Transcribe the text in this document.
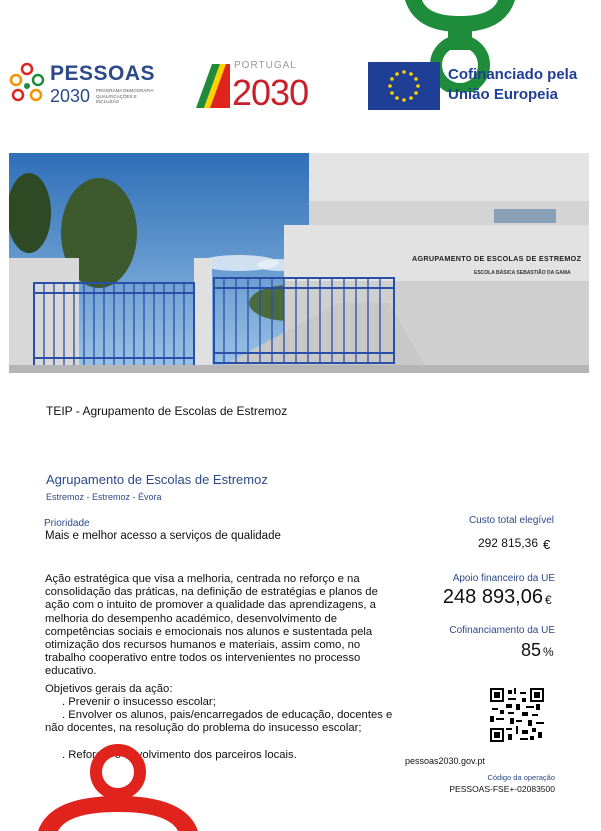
PESSOAS
2030 PROGRAMA DEMOGRAFIA QUALIFICAÇÕES E INCLUSÃO
PORTUGAL
2030	Cofinanciado pela
União Europeia
AGRUPAMENTO DE ESCOLAS DE ESTREMOZ
ESCOLA BÁSICA SEBASTIÃO DA GAMA
TEIP - Agrupamento de Escolas de Estremoz
Agrupamento de Escolas de Estremoz
Estremoz - Estremoz - Évora
Prioridade
Mais e melhor acesso a serviços de qualidade
Ação estratégica que visa a melhoria, centrada no reforço e na consolidação das práticas, na definição de estratégias e planos de ação com o intuito de promover a qualidade das aprendizagens, a melhoria do desempenho académico, desenvolvimento de competências sociais e emocionais nos alunos e sustentada pela otimização dos recursos humanos e materiais, assim como, no trabalho cooperativo entre todos os intervenientes no processo educativo.
Objetivos gerais da ação:
. Prevenir o insucesso escolar;
. Envolver os alunos, pais/encarregados de educação, docentes e não docentes, na resolução do problema do insucesso escolar;
. Reforçar o envolvimento dos parceiros locais.
Custo total elegível
292 815,36 €
Apoio financeiro da UE
248 893,06 €
Cofinanciamento da UE
85 %
pessoas2030.gov.pt
Código da operação
PESSOAS-FSE+-02083500
